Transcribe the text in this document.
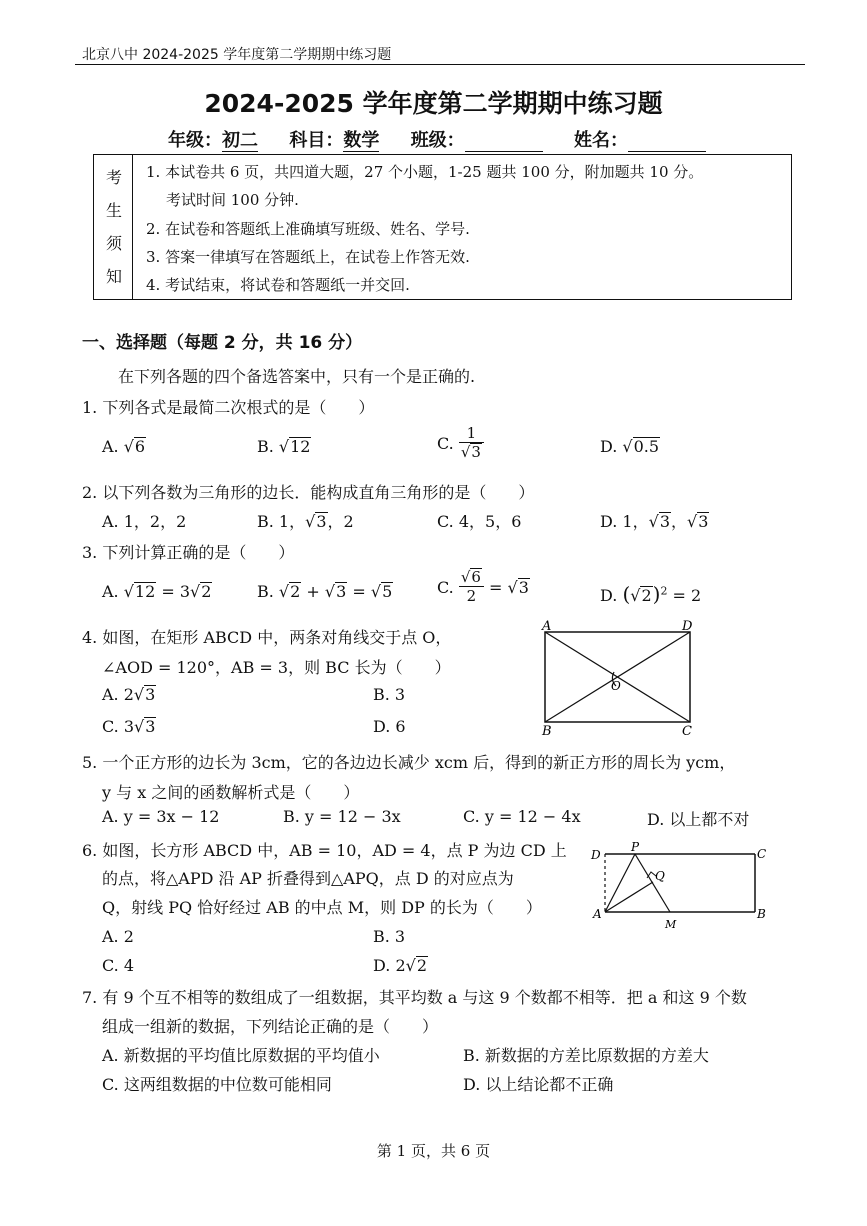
北京八中 2024-2025 学年度第二学期期中练习题
2024-2025 学年度第二学期期中练习题
年级：初二 科目：数学 班级：	姓名：
考
生
须
知
1. 本试卷共 6 页，共四道大题，27 个小题，1-25 题共 100 分，附加题共 10 分。
考试时间 100 分钟.
2. 在试卷和答题纸上准确填写班级、姓名、学号.
3. 答案一律填写在答题纸上，在试卷上作答无效.
4. 考试结束，将试卷和答题纸一并交回.
一、选择题（每题 2 分，共 16 分）
在下列各题的四个备选答案中，只有一个是正确的.
1. 下列各式是最简二次根式的是（　　）
A. √6	B. √12	C. $\frac{1}{√3}$	D. √0.5
2. 以下列各数为三角形的边长．能构成直角三角形的是（　　）
A. 1，2，2	B. 1，√3，2	C. 4，5，6	D. 1，√3，√3
3. 下列计算正确的是（　　）
A. √12 = 3√2	B. √2 + √3 = √5	C. $\frac{√6}{2} = √3$	D. $(√2)^2 = 2$
4. 如图，在矩形 ABCD 中，两条对角线交于点 O，
∠AOD = 120°，AB = 3，则 BC 长为（　　）
A. 2√3	B. 3
C. 3√3	D. 6
A	D
B	C
O
5. 一个正方形的边长为 3cm，它的各边边长减少 xcm 后，得到的新正方形的周长为 ycm，
y 与 x 之间的函数解析式是（　　）
A. y = 3x − 12	B. y = 12 − 3x	C. y = 12 − 4x	D. 以上都不对
6. 如图，长方形 ABCD 中，AB = 10，AD = 4，点 P 为边 CD 上
的点，将△APD 沿 AP 折叠得到△APQ，点 D 的对应点为
Q，射线 PQ 恰好经过 AB 的中点 M，则 DP 的长为（　　）
A. 2	B. 3
C. 4	D. 2√2
D
P	C
Q
A
M
B
7. 有 9 个互不相等的数组成了一组数据，其平均数 a 与这 9 个数都不相等．把 a 和这 9 个数
组成一组新的数据，下列结论正确的是（　　）
A. 新数据的平均值比原数据的平均值小	B. 新数据的方差比原数据的方差大
C. 这两组数据的中位数可能相同	D. 以上结论都不正确
第 1 页，共 6 页
